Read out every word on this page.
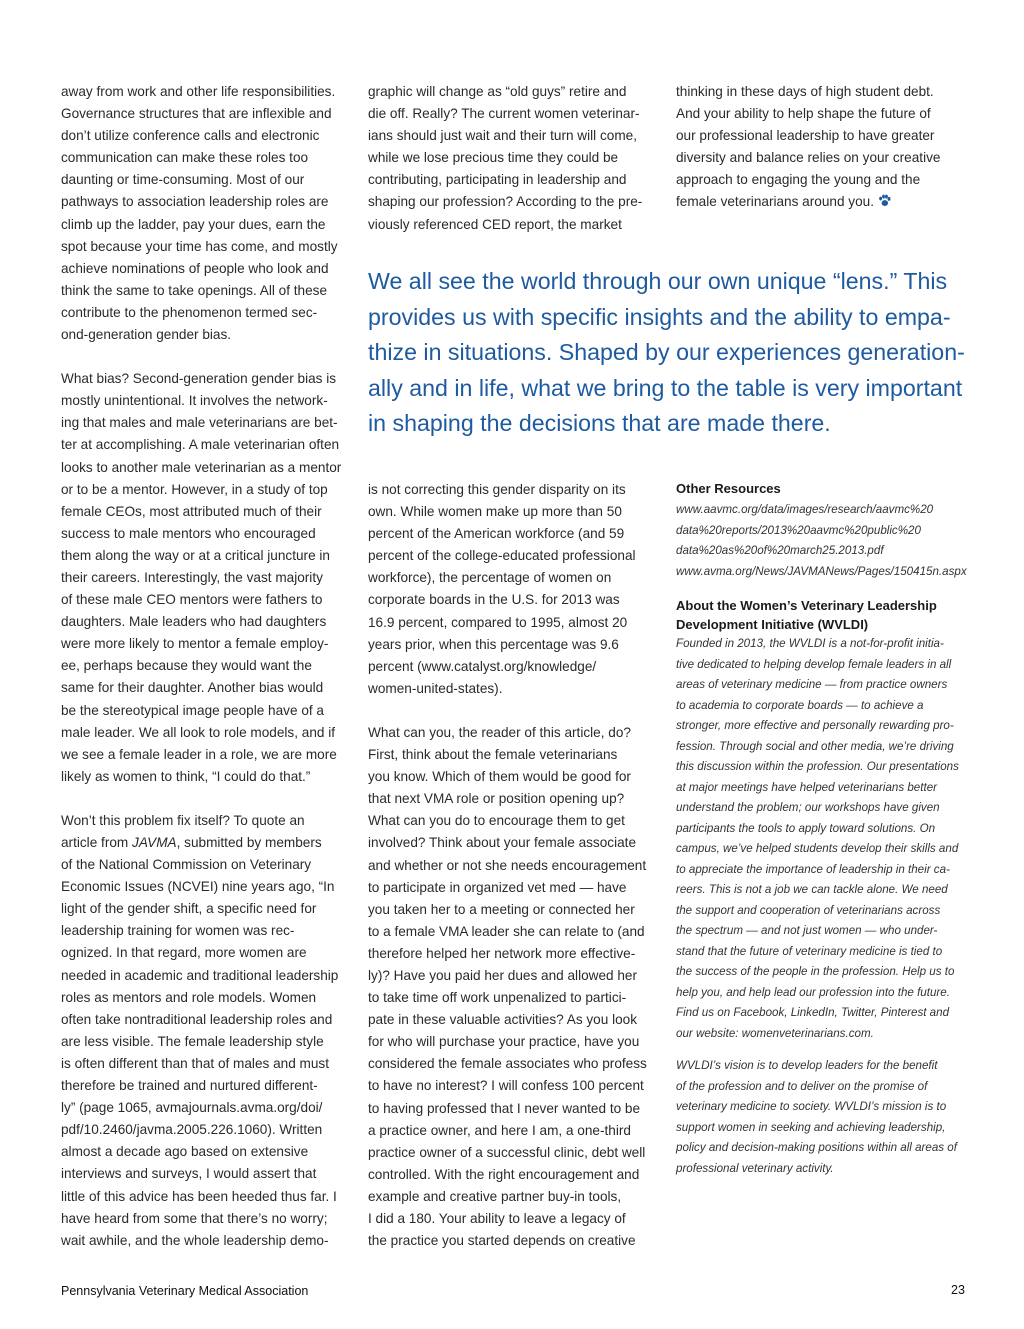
away from work and other life responsibilities.
Governance structures that are inflexible and
don’t utilize conference calls and electronic
communication can make these roles too
daunting or time-consuming. Most of our
pathways to association leadership roles are
climb up the ladder, pay your dues, earn the
spot because your time has come, and mostly
achieve nominations of people who look and
think the same to take openings. All of these
contribute to the phenomenon termed sec-
ond-generation gender bias.

What bias? Second-generation gender bias is
mostly unintentional. It involves the network-
ing that males and male veterinarians are bet-
ter at accomplishing. A male veterinarian often
looks to another male veterinarian as a mentor
or to be a mentor. However, in a study of top
female CEOs, most attributed much of their
success to male mentors who encouraged
them along the way or at a critical juncture in
their careers. Interestingly, the vast majority
of these male CEO mentors were fathers to
daughters. Male leaders who had daughters
were more likely to mentor a female employ-
ee, perhaps because they would want the
same for their daughter. Another bias would
be the stereotypical image people have of a
male leader. We all look to role models, and if
we see a female leader in a role, we are more
likely as women to think, “I could do that.”

Won’t this problem fix itself? To quote an
article from JAVMA, submitted by members
of the National Commission on Veterinary
Economic Issues (NCVEI) nine years ago, “In
light of the gender shift, a specific need for
leadership training for women was rec-
ognized. In that regard, more women are
needed in academic and traditional leadership
roles as mentors and role models. Women
often take nontraditional leadership roles and
are less visible. The female leadership style
is often different than that of males and must
therefore be trained and nurtured different-
ly” (page 1065, avmajournals.avma.org/doi/
pdf/10.2460/javma.2005.226.1060). Written
almost a decade ago based on extensive
interviews and surveys, I would assert that
little of this advice has been heeded thus far. I
have heard from some that there’s no worry;
wait awhile, and the whole leadership demo-

graphic will change as “old guys” retire and
die off. Really? The current women veterinar-
ians should just wait and their turn will come,
while we lose precious time they could be
contributing, participating in leadership and
shaping our profession? According to the pre-
viously referenced CED report, the market

thinking in these days of high student debt.
And your ability to help shape the future of
our professional leadership to have greater
diversity and balance relies on your creative
approach to engaging the young and the
female veterinarians around you.

We all see the world through our own unique “lens.” This
provides us with specific insights and the ability to empa-
thize in situations. Shaped by our experiences generation-
ally and in life, what we bring to the table is very important
in shaping the decisions that are made there.

is not correcting this gender disparity on its
own. While women make up more than 50
percent of the American workforce (and 59
percent of the college-educated professional
workforce), the percentage of women on
corporate boards in the U.S. for 2013 was
16.9 percent, compared to 1995, almost 20
years prior, when this percentage was 9.6
percent (www.catalyst.org/knowledge/
women-united-states).

What can you, the reader of this article, do?
First, think about the female veterinarians
you know. Which of them would be good for
that next VMA role or position opening up?
What can you do to encourage them to get
involved? Think about your female associate
and whether or not she needs encouragement
to participate in organized vet med — have
you taken her to a meeting or connected her
to a female VMA leader she can relate to (and
therefore helped her network more effective-
ly)? Have you paid her dues and allowed her
to take time off work unpenalized to partici-
pate in these valuable activities? As you look
for who will purchase your practice, have you
considered the female associates who profess
to have no interest? I will confess 100 percent
to having professed that I never wanted to be
a practice owner, and here I am, a one-third
practice owner of a successful clinic, debt well
controlled. With the right encouragement and
example and creative partner buy-in tools,
I did a 180. Your ability to leave a legacy of
the practice you started depends on creative

Other Resources

www.aavmc.org/data/images/research/aavmc%20
data%20reports/2013%20aavmc%20public%20
data%20as%20of%20march25.2013.pdf
www.avma.org/News/JAVMANews/Pages/150415n.aspx

About the Women’s Veterinary Leadership
Development Initiative (WVLDI)

Founded in 2013, the WVLDI is a not-for-profit initia-
tive dedicated to helping develop female leaders in all
areas of veterinary medicine — from practice owners
to academia to corporate boards — to achieve a
stronger, more effective and personally rewarding pro-
fession. Through social and other media, we’re driving
this discussion within the profession. Our presentations
at major meetings have helped veterinarians better
understand the problem; our workshops have given
participants the tools to apply toward solutions. On
campus, we’ve helped students develop their skills and
to appreciate the importance of leadership in their ca-
reers. This is not a job we can tackle alone. We need
the support and cooperation of veterinarians across
the spectrum — and not just women — who under-
stand that the future of veterinary medicine is tied to
the success of the people in the profession. Help us to
help you, and help lead our profession into the future.
Find us on Facebook, LinkedIn, Twitter, Pinterest and
our website: womenveterinarians.com.
WVLDI’s vision is to develop leaders for the benefit
of the profession and to deliver on the promise of
veterinary medicine to society. WVLDI’s mission is to
support women in seeking and achieving leadership,
policy and decision-making positions within all areas of
professional veterinary activity.
Pennsylvania Veterinary Medical Association	23
